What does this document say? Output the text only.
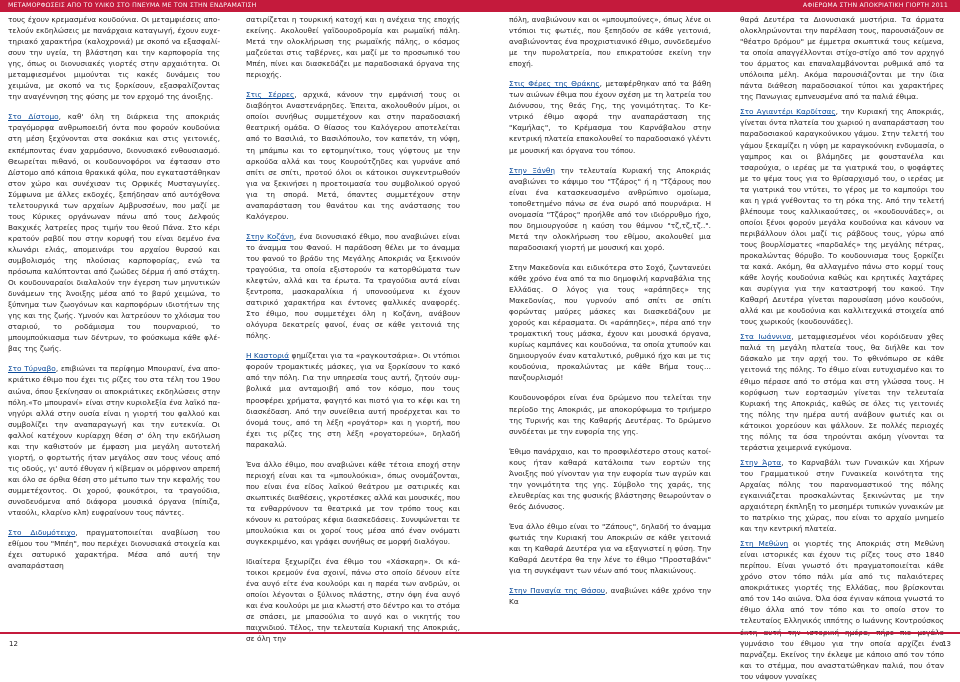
ΜΕΤΑΜΟΡΦΩΣΕΙΣ ΑΠΟ ΤΟ ΥΛΙΚΟ ΣΤΟ ΠΝΕΥΜΑ ΜΕ ΤΟΝ ΣΤΗΝ ΕΝΔΡΑΜΑΤΙΣΗ	ΑΦΙΕΡΩΜΑ ΣΤΗΝ ΑΠΟΚΡΙΑΤΙΚΗ ΓΙΟΡΤΗ 2011

τους έχουν κρεμασμένα κουδούνια. Οι μεταμφιέσεις αποτελούν εκδηλώσεις με πανάρχαια καταγωγή, έχουν ευχετηριακό χαρακτήρα (καλοχρονιά) με σκοπό να εξασφαλίσουν την υγεία, τη βλάστηση και την καρποφορία της γης, όπως οι διονυσιακές γιορτές στην αρχαιότητα. Οι μεταμφιεσμένοι μιμούνται τις κακές δυνάμεις του χειμώνα, με σκοπό να τις ξορκίσουν, εξασφαλίζοντας την αναγέννηση της φύσης με τον ερχομό της άνοιξης.

Στο Δίστομο, καθ' όλη τη διάρκεια της αποκριάς τραγόμορφα ανθρωποειδή όντα που φορούν κουδούνια στη μέση ξεχύνονται στα σοκάκια και στις γειτονιές, εκπέμποντας έναν χαρμόσυνο, διονυσιακό ενθουσιασμό. Θεωρείται πιθανό, οι κουδουνοφόροι να έφτασαν στο Δίστομο από κάποια θρακικά φύλα, που εγκαταστάθηκαν στον χώρο και συνέχισαν τις Ορφικές Μυσταγωγίες. Σύμφωνα με άλλες εκδοχές, ξεπήδησαν από αυτόχθονα τελετουργικά των αρχαίων Αμβρυσσέων, που μαζί με τους Κύρικες οργάνωναν πάνω από τους Δελφούς Βακχικές λατρείες προς τιμήν του θεού Πάνα. Στο κέρι κρατούν ραβδί που στην κορυφή του είναι δεμένο ένα κλωνάρι ελιάς, απομεινάρι του αρχαίου θυρσού και συμβολισμός της πλούσιας καρποφορίας, ενώ τα πρόσωπα καλύπτονται από ζωώδες δέρμα ή από στάχτη. Οι κουδουναραίοι διαλαλούν την έγερση των μηνυτικών δυνάμεων της Άνοιξης μέσα από το βαρύ χειμώνα, το ξύπνημα των ζωογόνων και καρποφόρων ιδιοτήτων της γης και της ζωής. Υμνούν και λατρεύουν το χλόισμα του σταριού, το ροδάμισμα του πουρναριού, το μπουμπούκιασμα των δέντρων, το φούσκωμα κάθε φλέβας της ζωής.

Στο Τύρναβο, επιβιώνει τα περίφημο Μπουρανί, ένα αποκριάτικο έθιμο που έχει τις ρίζες του στα τέλη του 19ου αιώνα, όπου ξεκίνησαν οι αποκριάτικες εκδηλώσεις στην πόλη.«Το μπουρανί» είναι στην κυριολεξία ένα λαϊκό πανηγύρι αλλά στην ουσία είναι η γιορτή του φαλλού και συμβολίζει την αναπαραγωγή και την ευτεκνία. Οι φαλλοί κατέχουν κυρίαρχη θέση σ' όλη την εκδήλωση και την καθιστούν με έμφαση μια μεγάλη αυτοτελή γιορτή, ο φορτωτής ήταν μεγάλος σαν τους νέους από τις οδούς, γι' αυτό έθυγαν ή κίβεμαν οι μόρφινον απρεπή και όλο σε όρθια θέση στο μέτωπο των την κεφαλής του συμμετέχοντος. Οι χορού, φουκότροι, τα τραγούδια, συνοδευόμενα από διάφορα μουσικά όργανα (πίπιζα, νταούλι, κλαρίνο κλπ) ευφραίνουν τους πάντες.

Στο Διδυμότειχο, πραγματοποιείται αναβίωση του εθίμου του "Μπέη", που περιέχει διονυσιακά στοιχεία και έχει σατυρικό χαρακτήρα. Μέσα από αυτή την αναπαράσταση

σατιρίζεται η τουρκική κατοχή και η ανέχεια της εποχής εκείνης. Ακολουθεί γαϊδουροδρομία και ρωμαϊκή πάλη. Μετά την ολοκλήρωση της ρωμαϊκής πάλης, ο κόσμος μαζεύεται στις ταβέρνες, και μαζί με το προσωπικό του Μπέη, πίνει και διασκεδάζει με παραδοσιακά όργανα της περιοχής.

Στις Σέρρες, αρχικά, κάνουν την εμφάνισή τους οι διαβόητοι Αναστενάρηδες. Έπειτα, ακολουθούν μίμοι, οι οποίοι συνήθως συμμετέχουν και στην παραδοσιακή θεατρική ομάδα. Ο θίασος του Καλόγερου αποτελείται από το Βασιλιά, το Βασιλόπουλο, τον καπετάν, τη νύφη, τη μπάμπω και το εφτομηνίτικο, τους γύφτους με την αρκούδα αλλά και τους Κουρούτζηδες και γυρνάνε από σπίτι σε σπίτι, προτού όλοι οι κάτοικοι συγκεντρωθούν για να ξεκινήσει η προετοιμασία του συμβολικού οργού για τη σπορά. Μετά, όπαντες συμμετέχουν στην αναπαράσταση του θανάτου και της ανάστασης του Καλόγερου.

Στην Κοζάνη, ένα διονυσιακό έθιμο, που αναβιώνει είναι το άναμμα του Φανού. Η παράδοση θέλει με το άναμμα του φανού το βράδυ της Μεγάλης Αποκριάς να ξεκινούν τραγούδια, τα οποία εξιστορούν τα κατορθώματα των κλεφτών, αλλά και τα έρωτα. Τα τραγούδια αυτά είναι ξεντροπα, μασκαραλίκια ή υπονοούμενα κι έχουν σατιρικό χαρακτήρα και έντονες φαλλικές αναφορές. Στο έθιμο, που συμμετέχει όλη η Κοζάνη, ανάβουν ολόγυρα δεκατρείς φανοί, ένας σε κάθε γειτονιά της πόλης.

Η Καστοριά φημίζεται για τα «ραγκουτσάρια». Οι ντόπιοι φορούν τρομακτικές μάσκες, για να ξορκίσουν το κακό από την πόλη. Για την υπηρεσία τους αυτή, ζητούν συμβολικά μια ανταμοιβή από τον κόσμο, που τους προσφέρει χρήματα, φαγητό και πιοτό για το κέφι και τη διασκέδαση. Από την συνείθεια αυτή προέρχεται και το όνομά τους, από τη λέξη «ρογάτορ» και η γιορτή, που έχει τις ρίζες της στη λέξη «ρογατορεύω», δηλαδή παρακαλώ.

Ένα άλλο έθιμο, που αναβιώνει κάθε τέτοια εποχή στην περιοχή είναι και τα «μπουλούκια», όπως ονομάζονται, που είναι ένα είδος λαϊκού θεάτρου με σατιρικές και σκωπτικές διαθέσεις, γκροτέσκες αλλά και μουσικές, που τα ενθαρρύνουν τα θεατρικά με τον τρόπο τους και κόνουν κι ρατούρας κέφια διασκεδάσεις. Συνυψώνεται τε μπουλούκια και οι χοροί τους μέσα από έναν ονόματι συγκεκριμένο, και γράφει συνήθως σε μορφή διαλόγου.

Ιδιαίτερα ξεχωρίζει ένα έθιμο του «Χάσκαρη». Οι κάτοικοι κρεμούν ένα σχοινί, πάνω στο οποίο δένουν είτε ένα αυγό είτε ένα κουλούρι και η παρέα των ανδρών, οι οποίοι λέγονται ο ξύλινος πλάστης, στην όψη ένα αυγό και ένα κουλούρι με μια κλωστή στο δέντρο και το στόμα σε σπάσει, με μπασούλια το αυγό και ο νικητής του παιχνιδιού. Τέλος, την τελευταία Κυριακή της Αποκριάς, σε όλη την

πόλη, αναβιώνουν και οι «μπουμπούνες», όπως λένε οι ντόπιοι τις φωτιές, που ξεπηδούν σε κάθε γειτονιά, αναβιώνοντας ένα προχριστιανικό έθιμο, συνδεδεμένο με την πυρολατρεία, που επικρατούσε εκείνη την εποχή.

Στις Φέρες της Θράκης, μεταφέρθηκαν από τα βάθη των αιώνων έθιμα που έχουν σχέση με τη λατρεία του Διόνυσου, της θεάς Γης, της γονιμότητας. Το Κεντρικό έθιμο αφορά την αναπαράσταση της "Καμήλας", το Κρέμασμα του Καρνάβαλου στην κεντρική πλατεία επακολουθεί το παραδοσιακό γλέντι με μουσική και όργανα του τόπου.

Στην Ξάνθη την τελευταία Κυριακή της Αποκριάς αναβιώνει το κάψιμο του "Τζάρος" ή η "Τζάρους που είναι ένα κατασκευασμένο ανθρώπινο ομοίωμα, τοποθετημένο πάνω σε ένα σωρό από πουρνάρια. Η ονομασία "Τζάρος" προήλθε από τον ιδιόρρυθμο ήχο, που δημιουργούσε η καύση του θάμνου "τζ,τζ,τζ..". Μετά την ολοκλήρωση του εθίμου, ακολουθεί μια παραδοσιακή γιορτή με μουσική και χορό.

Στην Μακεδονία και ειδικότερα στο Σοχό, ζωντανεύει κάθε χρόνο ένα από τα πιο δημοφιλή καρναβάλια της Ελλάδας. Ο λόγος για τους «αράπηδες» της Μακεδονίας, που γυρνούν από σπίτι σε σπίτι φορώντας μαύρες μάσκες και διασκεδάζουν με χορούς και κέρασματα. Οι «αράπηδες», πέρα από την τρομακτική τους μάσκα, έχουν και μουσικά όργανα, κυρίως καμπάνες και κουδούνια, τα οποία χτυπούν και δημιουργούν έναν καταλυτικό, ρυθμικό ήχο και με τις κουδούνια, προκαλώντας με κάθε Βήμα τους... πανζουρλισμό!

Κουδουνοφόροι είναι ένα δρώμενο που τελείται την περίοδο της Αποκριάς, με αποκορύφωμα το τριήμερο της Τυρινής και της Καθαρής Δευτέρας. Το δρώμενο συνδέεται με την ευφορία της γης.

Έθιμο πανάρχαιο, και το προσφιλέστερο στους κατοίκους ήταν καθαρά κατάλοιπα των εορτών της Άνοιξης πού γίνονταν για την ευφορία των αγρών και την γονιμότητα της γης. Σύμβολο της χαράς, της ελευθερίας και της φυσικής βλάστησης θεωρούνταν ο θεός Διόνυσος.

Ένα άλλο έθιμο είναι το "Ζάπους", δηλαδή το άναμμα φωτιάς την Κυριακή του Αποκριών σε κάθε γειτονιά και τη Καθαρά Δευτέρα για να εξαγνιστεί η φύση. Την Καθαρά Δευτέρα θα την λένε το έθιμο "Προσταβάνι" για τη συγκέψαντ των νέων από τους πλακιώνους.

Στην Παναγία της Θάσου, αναβιώνει κάθε χρόνο την Κα

θαρά Δευτέρα τα Διονυσιακά μυστήρια. Τα άρματα ολοκληρώνονται την παρέλαση τους, παρουσιάζουν σε "θέατρο δρόμου" με έμμετρα σκωπτικά τους κείμενα, τα οποία απαγγέλλονται στίχο-στίχο από τον αρχηγό του άρματος και επαναλαμβάνονται ρυθμικά από τα υπόλοιπα μέλη. Ακόμα παρουσιάζονται με την ίδια πάντα διάθεση παραδοσιακοί τύποι και χαρακτήρες της Πανωγιας εμπνευσμένα από τα παλιά έθιμα.

Στο Αγιαντέρι Καρδίτσας, την Κυριακή της Αποκριάς, γίνεται όντα πλατεία του χωριού η αναπαράσταση του παραδοσιακού καραγκούνικου γάμου. Στην τελετή του γάμου ξεκαμίζει η νύφη με καραγκούνικη ενδυμασία, ο γαμπρος και οι βλάμηδες με φουστανέλα και τσαρούχια, ο ιερέας με τα γιατρικά του, ο ψοφάφτες με το ψέμα τους για το θρίσαρχισμό του, ο ιερέας με τα γιατρικά του ντύτει, το γέρος με το καμπούρι του και η γριά γνέθοντας το τη ρόκα της. Από την τελετή βλέπουμε τους καλλικαούτσες, οι «κουδουνάδες», οι οποίοι ξένοι φορούν μεγάλα κουδούνια και κάνουν να περιβάλλουν όλοι μαζί τις ράβδους τους, γύρω από τους βουρλίσματες «παρδαλές» της μεγάλης πέτρας, προκαλώντας θόρυβο. Το κουδουνισμα τους ξορκίζει τα κακά. Ακόμη, θα αλλαγμένο πάνω στο κορμί τους κάθε λογής κουδούνια καθώς και κρητικές λαχτάρες και συρίγγια για την καταστροφή του κακού. Την Καθαρή Δευτέρα γίνεται παρουσίαση μόνο κουδούνι, αλλά και με κουδούνια και καλλιτεχνικά στοιχεία από τους χωρικούς (κουδουνάδες).

Στα Ιωάννινα, μεταμφιεσμένοι νέοι κορόιδευαν χθες παλιά τη μεγάλη πλατεία τους, θα διήλθε και τον δάσκαλο με την αρχή του. Το φθινόπωρο σε κάθε γειτονιά της πόλης. Το έθιμο είναι ευτυχισμένο και το έθιμο πέρασε από το στόμα και στη γλώσσα τους. Η κορύφωση των εορτασμών γίνεται την τελευταία Κυριακή της Αποκριάς, καθώς σε όλες τις γειτονιές της πόλης την ημέρα αυτή ανάβουν φωτιές και οι κάτοικοι χορεύουν και ψάλλουν. Σε πολλές περιοχές της πόλης τα όσα τηρούνται ακόμη γίνονται τα τεράστια χειμερινά εγκύμονα.

Στην Άρτα, το Καρναβάλι των Γυναικών και Χήρων του Γραμματικού στην Γυναικεία κοινότητα της Αρχαίας πόλης του παρανομαστικού της πόλης εγκαινιάζεται προσκαλώντας ξεκινώντας με την αρχαιότερη έκπληξη το μεσημέρι τυπικών γυναικών με το πατρίκιο της χώρας, που είναι το αρχαίο μνημείο και την κεντρική πλατεία.

Στη Μεθώνη οι γιορτές της Αποκριάς στη Μεθώνη είναι ιστορικές και έχουν τις ρίζες τους στο 1840 περίπου. Είναι γνωστό ότι πραγματοποιείται κάθε χρόνο στον τόπο πάλι μία από τις παλαιότερες αποκριάτικες γιορτές της Ελλάδας, που βρίσκονται από τον 14ο αιώνα. Όλα όσα έγιναν κάποια γνωστά το έθιμο άλλα από τον τόπο και το οποίο στον το τελευταίος Ελληνικός ιππότης ο Ιωάννης Κοντρούσκος γυμνάσιο του έθιμου για την οποία αρχίζει ένα παρνάζεμ. Εκείνος την έκλεψε με κάποιο από τον τόπο και το στέμμα, που αναστατώθηκαν παλιά, που όταν του νάψουν γυναίκες

12	13
